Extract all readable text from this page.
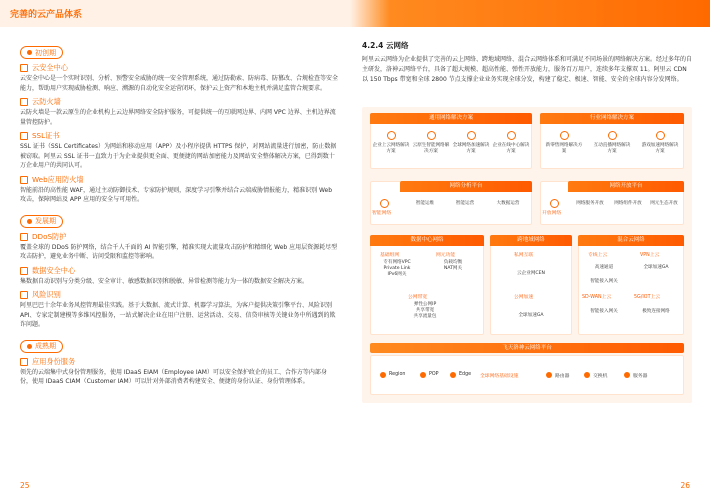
完善的云产品体系
初创期
云安全中心
云安全中心是一个实时识别、分析、预警安全威胁的统一安全管理系统，通过防勒索、防病毒、防篡改、合规检查等安全能力，帮助用户实现威胁检测、响应、溯源的自动化安全运营闭环，保护云上资产和本地主机并满足监管合规要求。
云防火墙
云防火墙是一款云原生的企业机构上云边界网络安全防护服务，可提供统一的互联网边界、内网 VPC 边界、主机边界流量管控防护。
SSL证书
SSL 证书（SSL Certificates）为网站和移动应用（APP）及小程序提供 HTTPS 保护，对网站流量进行加密，防止数据被窃取。阿里云 SSL 证书一直致力于为企业提供更全面、更便捷的网站加密能力及网站安全整体解决方案，已得到数十万企业用户的共同认可。
Web应用防火墙
智能前沿的高性能 WAF，通过主动防御技术、专家防护规则，深度学习引擎并结合云端威胁情报能力，精准识别 Web 攻击，保障网站及 APP 应用的安全与可用性。
发展期
DDoS防护
覆盖全球的 DDoS 防护网络，结合千人千面的 AI 智能引擎，精准实现大流量攻击防护和精细化 Web 应用层资源耗尽型攻击防护，避免业务中断、访问受限和监控等影响。
数据安全中心
集数据自动识别与分类分级、安全审计、敏感数据识别和脱敏、异常检测等能力为一体的数据安全解决方案。
风险识别
阿里巴巴十余年业务风控管理最佳实践。基于大数据、流式计算、机器学习算法，为客户提供决策引擎平台、风险识别 API、专家定制建模等多维风控服务，一站式解决企业在用户注册、运营活动、交易、信贷审核等关键业务中所遇到的欺诈问题。
成熟期
应用身份服务
领先的云端集中式身份管理服务，使用 IDaaS EIAM（Employee IAM）可以安全保护政企的员工、合作方等内部身份，使用 IDaaS CIAM（Customer IAM）可以针对外部消费者构建安全、便捷的身份认证、身份管理体系。
25
4.2.4 云网络
阿里云云网络为企业提供了完善的云上网络、跨地域网络、混合云网络体系和可满足不同场景的网络解决方案。经过多年的自主研发，洛神云网络平台，具备了超大规模、超高性能、弹性开放能力，服务百万用户，连续多年支撑双 11。阿里云 CDN 以 150 Tbps 带宽和全球 2800 节点支撑企业业务实现全球分发，构建了稳定、极速、智能、安全的全球内容分发网络。
通用网络解决方案
企业上云网络解决方案
云原生智能网络解决方案
全球网络加速解决方案
企业在线中心解决方案
行业网络解决方案
新零售网络解决方案
互动直播网络解决方案
游戏加速网络解决方案
网络分析平台
智能网络
智能运维	智能运营	大数据运营
网络开放平台
开放网络
网络服务开放	网络组件开放	网元生态开放
数据中心网络
基础组网
专有网络VPC
Private Link
IPv6网关
网元功能
负载均衡
NAT网关
公网带宽
弹性公网IP
共享带宽
共享流量包
跨地域网络
私网互联
云企业网CEN
公网加速
全球加速GA
混合云网络
专线上云	VPN上云
高速通道	全球加速GA
智能接入网关
SD-WAN上云	5G/IOT上云
智能接入网关	极致连接网络
飞天洛神云网络平台
Region	POP	Edge 全球网络基础设施	路由器	交换机	服务器
26
